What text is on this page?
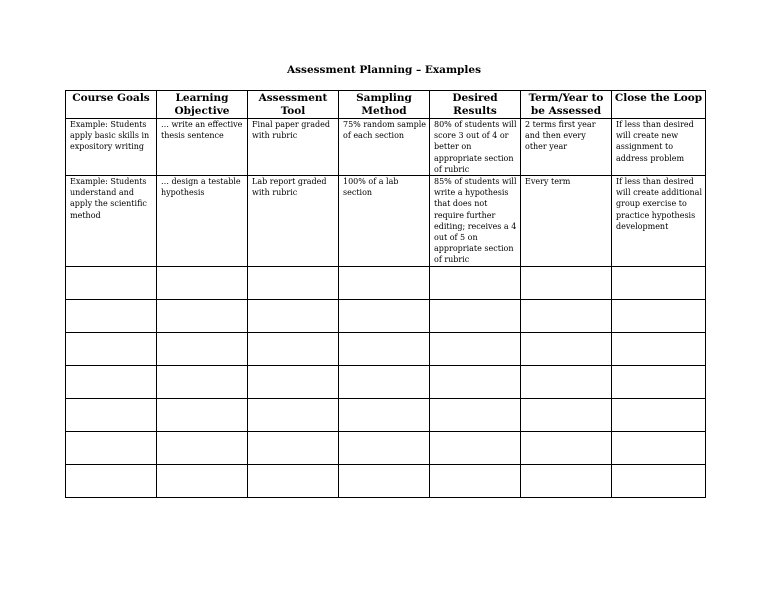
Assessment Planning – Examples
Course Goals	Learning Objective	Assessment Tool	Sampling Method	Desired Results	Term/Year to be Assessed	Close the Loop

Example: Students apply basic skills in expository writing	… write an effective thesis sentence	Final paper graded with rubric	75% random sample of each section	80% of students will score 3 out of 4 or better on appropriate section of rubric	2 terms first year and then every other year	If less than desired will create new assignment to address problem

Example: Students understand and apply the scientific method	… design a testable hypothesis	Lab report graded with rubric	100% of a lab section	85% of students will write a hypothesis that does not require further editing; receives a 4 out of 5 on appropriate section of rubric	Every term	If less than desired will create additional group exercise to practice hypothesis development
